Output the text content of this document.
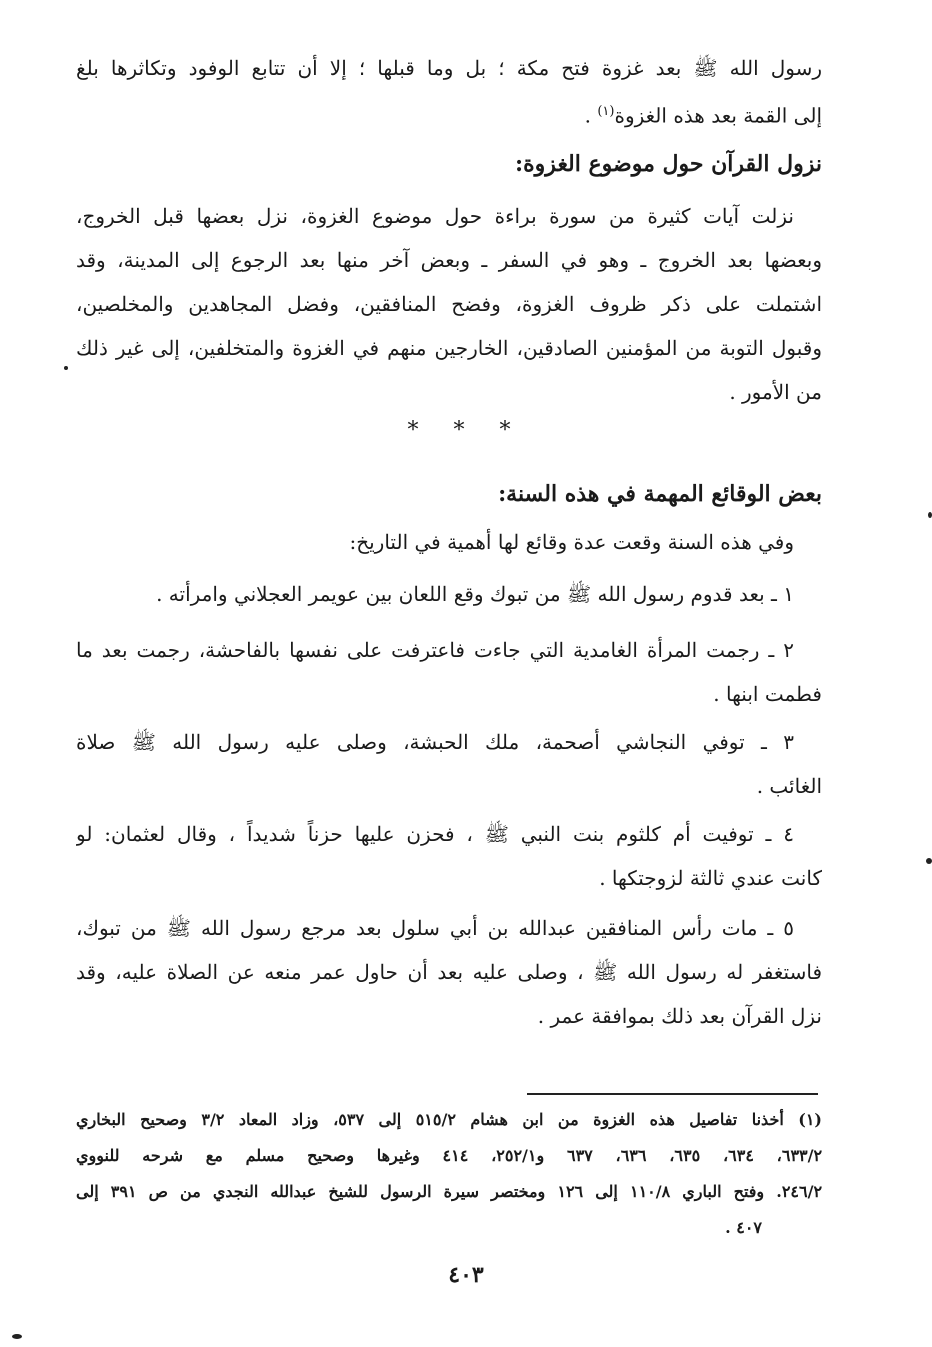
رسول الله ﷺ بعد غزوة فتح مكة ؛ بل وما قبلها ؛ إلا أن تتابع الوفود وتكاثرها بلغ
إلى القمة بعد هذه الغزوة$^{(١)}$ .
نزول القرآن حول موضوع الغزوة:
نزلت آيات كثيرة من سورة براءة حول موضوع الغزوة، نزل بعضها قبل الخروج،
وبعضها بعد الخروج ـ وهو في السفر ـ وبعض آخر منها بعد الرجوع إلى المدينة، وقد
اشتملت على ذكر ظروف الغزوة، وفضح المنافقين، وفضل المجاهدين والمخلصين،
وقبول التوبة من المؤمنين الصادقين، الخارجين منهم في الغزوة والمتخلفين، إلى غير ذلك
من الأمور .
* * *
بعض الوقائع المهمة في هذه السنة:
وفي هذه السنة وقعت عدة وقائع لها أهمية في التاريخ:
١ ـ بعد قدوم رسول الله ﷺ من تبوك وقع اللعان بين عويمر العجلاني وامرأته .
٢ ـ رجمت المرأة الغامدية التي جاءت فاعترفت على نفسها بالفاحشة، رجمت بعد ما
فطمت ابنها .
٣ ـ توفي النجاشي أصحمة، ملك الحبشة، وصلى عليه رسول الله ﷺ صلاة
الغائب .
٤ ـ توفيت أم كلثوم بنت النبي ﷺ ، فحزن عليها حزناً شديداً ، وقال لعثمان: لو
كانت عندي ثالثة لزوجتكها .
٥ ـ مات رأس المنافقين عبدالله بن أبي سلول بعد مرجع رسول الله ﷺ من تبوك،
فاستغفر له رسول الله ﷺ ، وصلى عليه بعد أن حاول عمر منعه عن الصلاة عليه، وقد
نزل القرآن بعد ذلك بموافقة عمر .
(١) أخذنا تفاصيل هذه الغزوة من ابن هشام ٥١٥/٢ إلى ٥٣٧، وزاد المعاد ٣/٢ وصحيح البخاري
٦٣٣/٢، ٦٣٤، ٦٣٥، ٦٣٦، ٦٣٧ و٢٥٢/١، ٤١٤ وغيرها وصحيح مسلم مع شرحه للنووي
٢٤٦/٢. وفتح الباري ١١٠/٨ إلى ١٢٦ ومختصر سيرة الرسول للشيخ عبدالله النجدي من ص ٣٩١ إلى
٤٠٧ .
٤٠٣
